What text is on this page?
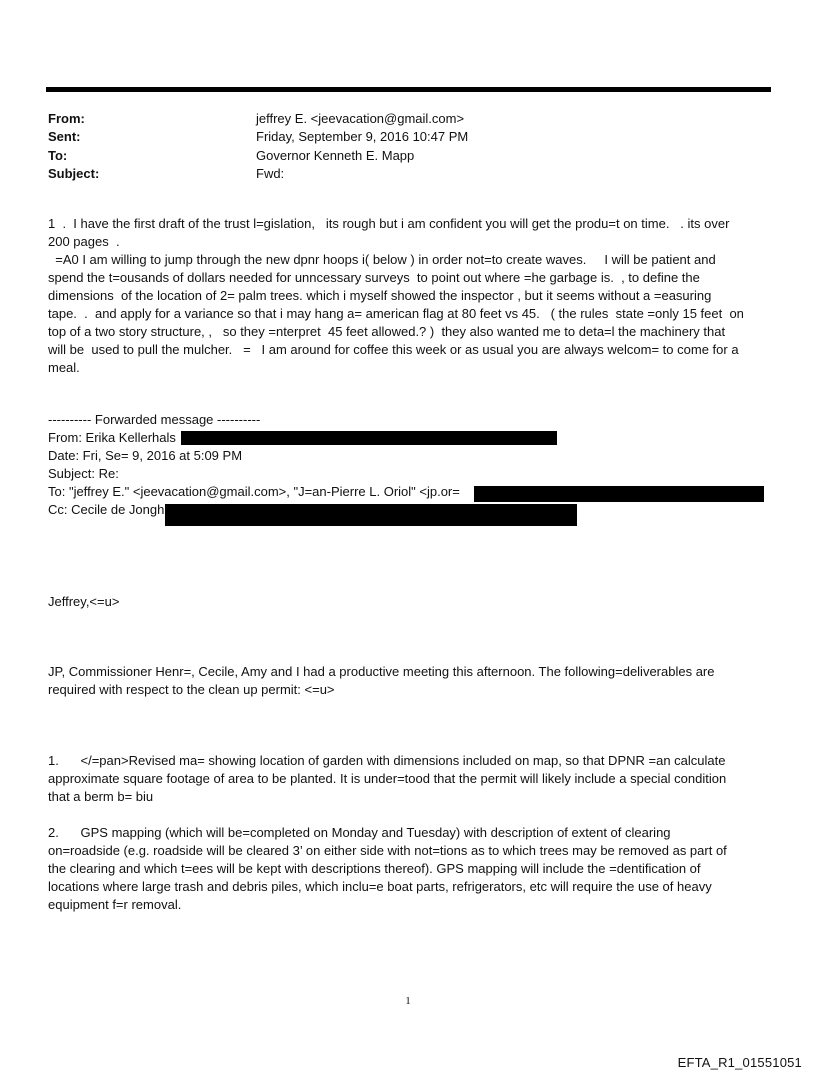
From:	jeffrey E. <jeevacation@gmail.com>
Sent:	Friday, September 9, 2016 10:47 PM
To:	Governor Kenneth E. Mapp
Subject:	Fwd:
1  .  I have the first draft of the trust l=gislation,   its rough but i am confident you will get the produ=t on time.   . its over
200 pages  .
=A0 I am willing to jump through the new dpnr hoops i( below ) in order not=to create waves.     I will be patient and
spend the t=ousands of dollars needed for unncessary surveys  to point out where =he garbage is.  , to define the
dimensions  of the location of 2= palm trees. which i myself showed the inspector , but it seems without a =easuring
tape.  .  and apply for a variance so that i may hang a= american flag at 80 feet vs 45.   ( the rules  state =only 15 feet  on
top of a two story structure, ,   so they =nterpret  45 feet allowed.? )  they also wanted me to deta=l the machinery that
will be  used to pull the mulcher.   =   I am around for coffee this week or as usual you are always welcom= to come for a
meal.
---------- Forwarded message ----------
From: Erika Kellerhals
Date: Fri, Se= 9, 2016 at 5:09 PM
Subject: Re:
To: "jeffrey E." <jeevacation@gmail.com>, "J=an-Pierre L. Oriol" <jp.or=
Cc: Cecile de Jongh
Jeffrey,<=u>
JP, Commissioner Henr=, Cecile, Amy and I had a productive meeting this afternoon. The following=deliverables are
required with respect to the clean up permit: <=u>
1.      </=pan>Revised ma= showing location of garden with dimensions included on map, so that DPNR =an calculate
approximate square footage of area to be planted. It is under=tood that the permit will likely include a special condition
that a berm b= biu
2.      GPS mapping (which will be=completed on Monday and Tuesday) with description of extent of clearing
on=roadside (e.g. roadside will be cleared 3’ on either side with not=tions as to which trees may be removed as part of
the clearing and which t=ees will be kept with descriptions thereof). GPS mapping will include the =dentification of
locations where large trash and debris piles, which inclu=e boat parts, refrigerators, etc will require the use of heavy
equipment f=r removal.
1
EFTA_R1_01551051
